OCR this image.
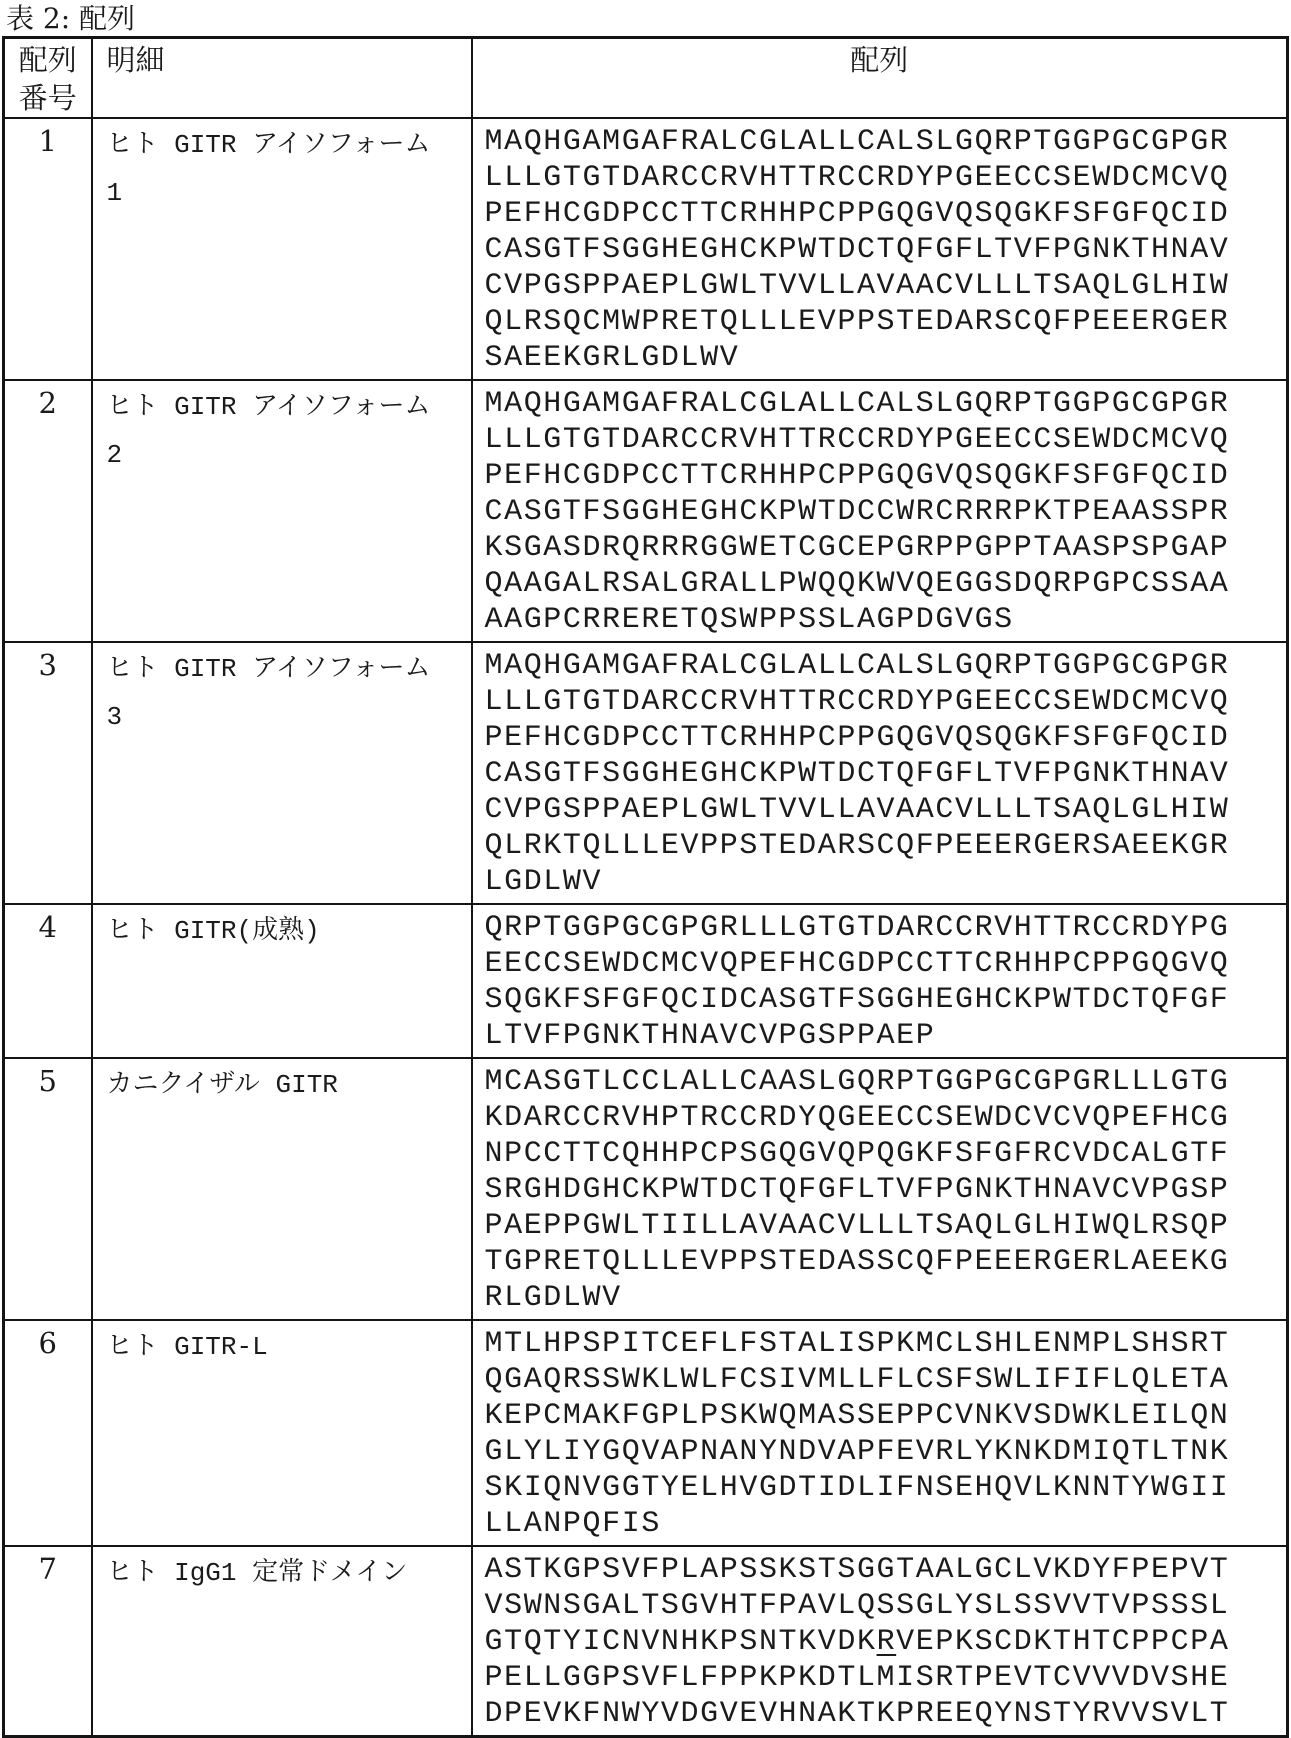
表 2: 配列
配列
番号	明細	配列
1	ヒト GITR アイソフォーム 1	
MAQHGAMGAFRALCGLALLCALSLGQRPTGGPGCGPGR
LLLGTGTDARCCRVHTTRCCRDYPGEECCSEWDCMCVQ
PEFHCGDPCCTTCRHHPCPPGQGVQSQGKFSFGFQCID
CASGTFSGGHEGHCKPWTDCTQFGFLTVFPGNKTHNAV
CVPGSPPAEPLGWLTVVLLAVAACVLLLTSAQLGLHIW
QLRSQCMWPRETQLLLEVPPSTEDARSCQFPEEERGER
SAEEKGRLGDLWV

2	ヒト GITR アイソフォーム 2	
MAQHGAMGAFRALCGLALLCALSLGQRPTGGPGCGPGR
LLLGTGTDARCCRVHTTRCCRDYPGEECCSEWDCMCVQ
PEFHCGDPCCTTCRHHPCPPGQGVQSQGKFSFGFQCID
CASGTFSGGHEGHCKPWTDCCWRCRRRPKTPEAASSPR
KSGASDRQRRRGGWETCGCEPGRPPGPPTAASPSPGAP
QAAGALRSALGRALLPWQQKWVQEGGSDQRPGPCSSAA
AAGPCRRERETQSWPPSSLAGPDGVGS

3	ヒト GITR アイソフォーム 3	
MAQHGAMGAFRALCGLALLCALSLGQRPTGGPGCGPGR
LLLGTGTDARCCRVHTTRCCRDYPGEECCSEWDCMCVQ
PEFHCGDPCCTTCRHHPCPPGQGVQSQGKFSFGFQCID
CASGTFSGGHEGHCKPWTDCTQFGFLTVFPGNKTHNAV
CVPGSPPAEPLGWLTVVLLAVAACVLLLTSAQLGLHIW
QLRKTQLLLEVPPSTEDARSCQFPEEERGERSAEEKGR
LGDLWV

4	ヒト GITR(成熟)	QRPTGGPGCGPGRLLLGTGTDARCCRVHTTRCCRDYPG
EECCSEWDCMCVQPEFHCGDPCCTTCRHHPCPPGQGVQ
SQGKFSFGFQCIDCASGTFSGGHEGHCKPWTDCTQFGF
LTVFPGNKTHNAVCVPGSPPAEP

5	カニクイザル GITR	MCASGTLCCLALLCAASLGQRPTGGPGCGPGRLLLGTG
KDARCCRVHPTRCCRDYQGEECCSEWDCVCVQPEFHCG
NPCCTTCQHHPCPSGQGVQPQGKFSFGFRCVDCALGTF
SRGHDGHCKPWTDCTQFGFLTVFPGNKTHNAVCVPGSP
PAEPPGWLTIILLAVAACVLLLTSAQLGLHIWQLRSQP
TGPRETQLLLEVPPSTEDASSCQFPEEERGERLAEEKG
RLGDLWV

6	ヒト GITR-L	MTLHPSPITCEFLFSTALISPKMCLSHLENMPLSHSRT
QGAQRSSWKLWLFCSIVMLLFLCSFSWLIFIFLQLETA
KEPCMAKFGPLPSKWQMASSEPPCVNKVSDWKLEILQN
GLYLIYGQVAPNANYNDVAPFEVRLYKNKDMIQTLTNK
SKIQNVGGTYELHVGDTIDLIFNSEHQVLKNNTYWGII
LLANPQFIS

7	ヒト IgG1 定常ドメイン	ASTKGPSVFPLAPSSKSTSGGTAALGCLVKDYFPEPVT
VSWNSGALTSGVHTFPAVLQSSGLYSLSSVVTVPSSSL
GTQTYICNVNHKPSNTKVDKRVEPKSCDKTHTCPPCPA
PELLGGPSVFLFPPKPKDTLMISRTPEVTCVVVDVSHE
DPEVKFNWYVDGVEVHNAKTKPREEQYNSTYRVVSVLT
